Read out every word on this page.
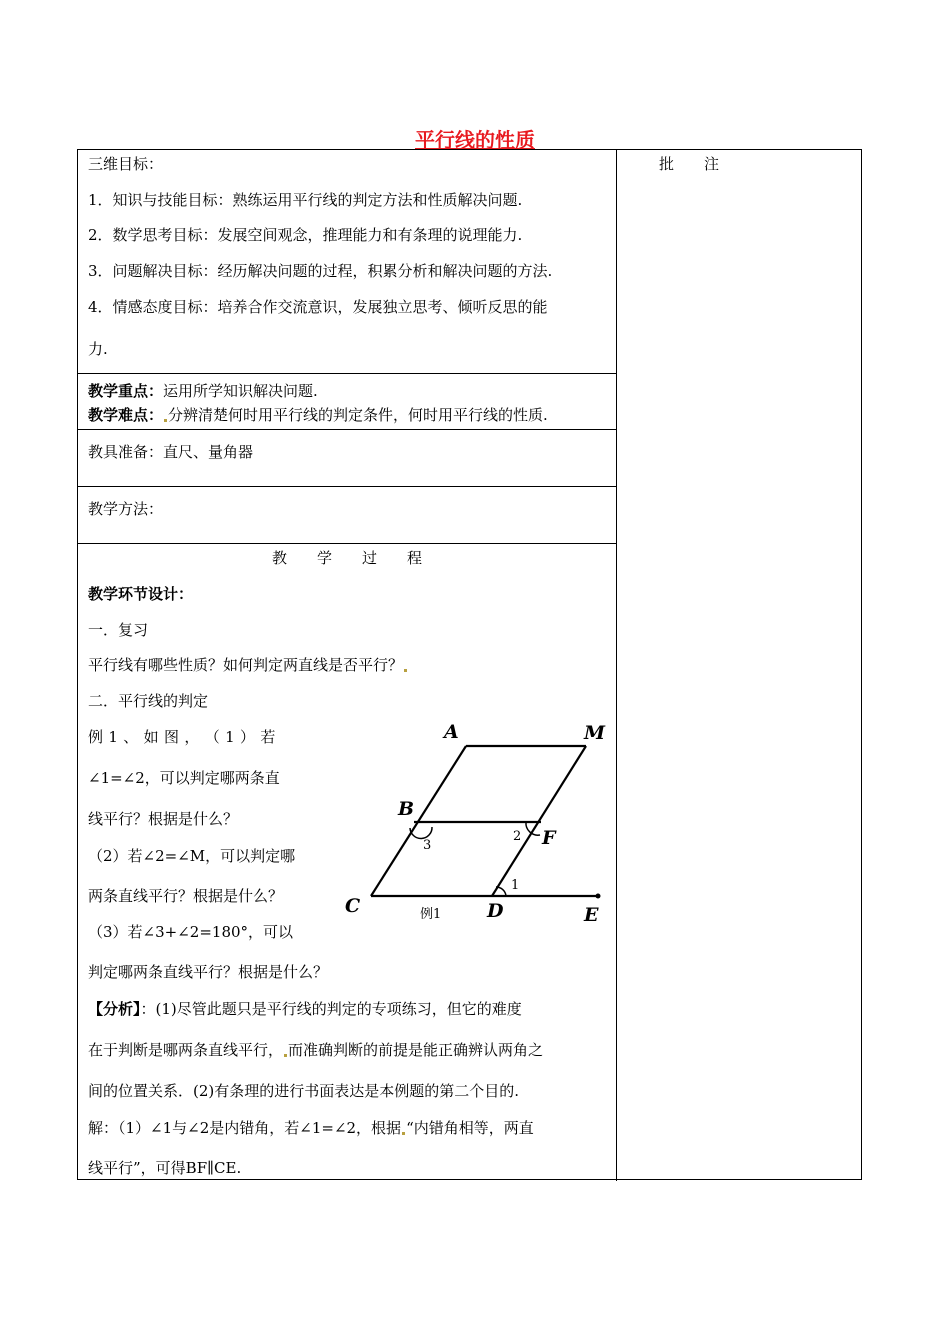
平行线的性质
批　　注
三维目标：
1．知识与技能目标：熟练运用平行线的判定方法和性质解决问题.
2．数学思考目标：发展空间观念，推理能力和有条理的说理能力.
3．问题解决目标：经历解决问题的过程，积累分析和解决问题的方法.
4．情感态度目标：培养合作交流意识，发展独立思考、倾听反思的能
力.
教学重点：运用所学知识解决问题.
教学难点： 分辨清楚何时用平行线的判定条件，何时用平行线的性质.
教具准备：直尺、量角器
教学方法：
教　　学　　过　　程
教学环节设计：
一．复习
平行线有哪些性质？如何判定两直线是否平行？
二．平行线的判定
例 1 、 如 图 ， （ 1 ） 若
∠1=∠2，可以判定哪两条直
线平行？根据是什么？
（2）若∠2=∠M，可以判定哪
两条直线平行？根据是什么？
（3）若∠3+∠2=180°，可以
判定哪两条直线平行？根据是什么？
【分析】：(1)尽管此题只是平行线的判定的专项练习，但它的难度
在于判断是哪两条直线平行， 而准确判断的前提是能正确辨认两角之
间的位置关系．(2)有条理的进行书面表达是本例题的第二个目的.
解：（1）∠1与∠2是内错角，若∠1=∠2，根据 “内错角相等，两直
线平行”，可得BF∥CE.
A	M
B
F
C	D	E
3
2
1
例1
